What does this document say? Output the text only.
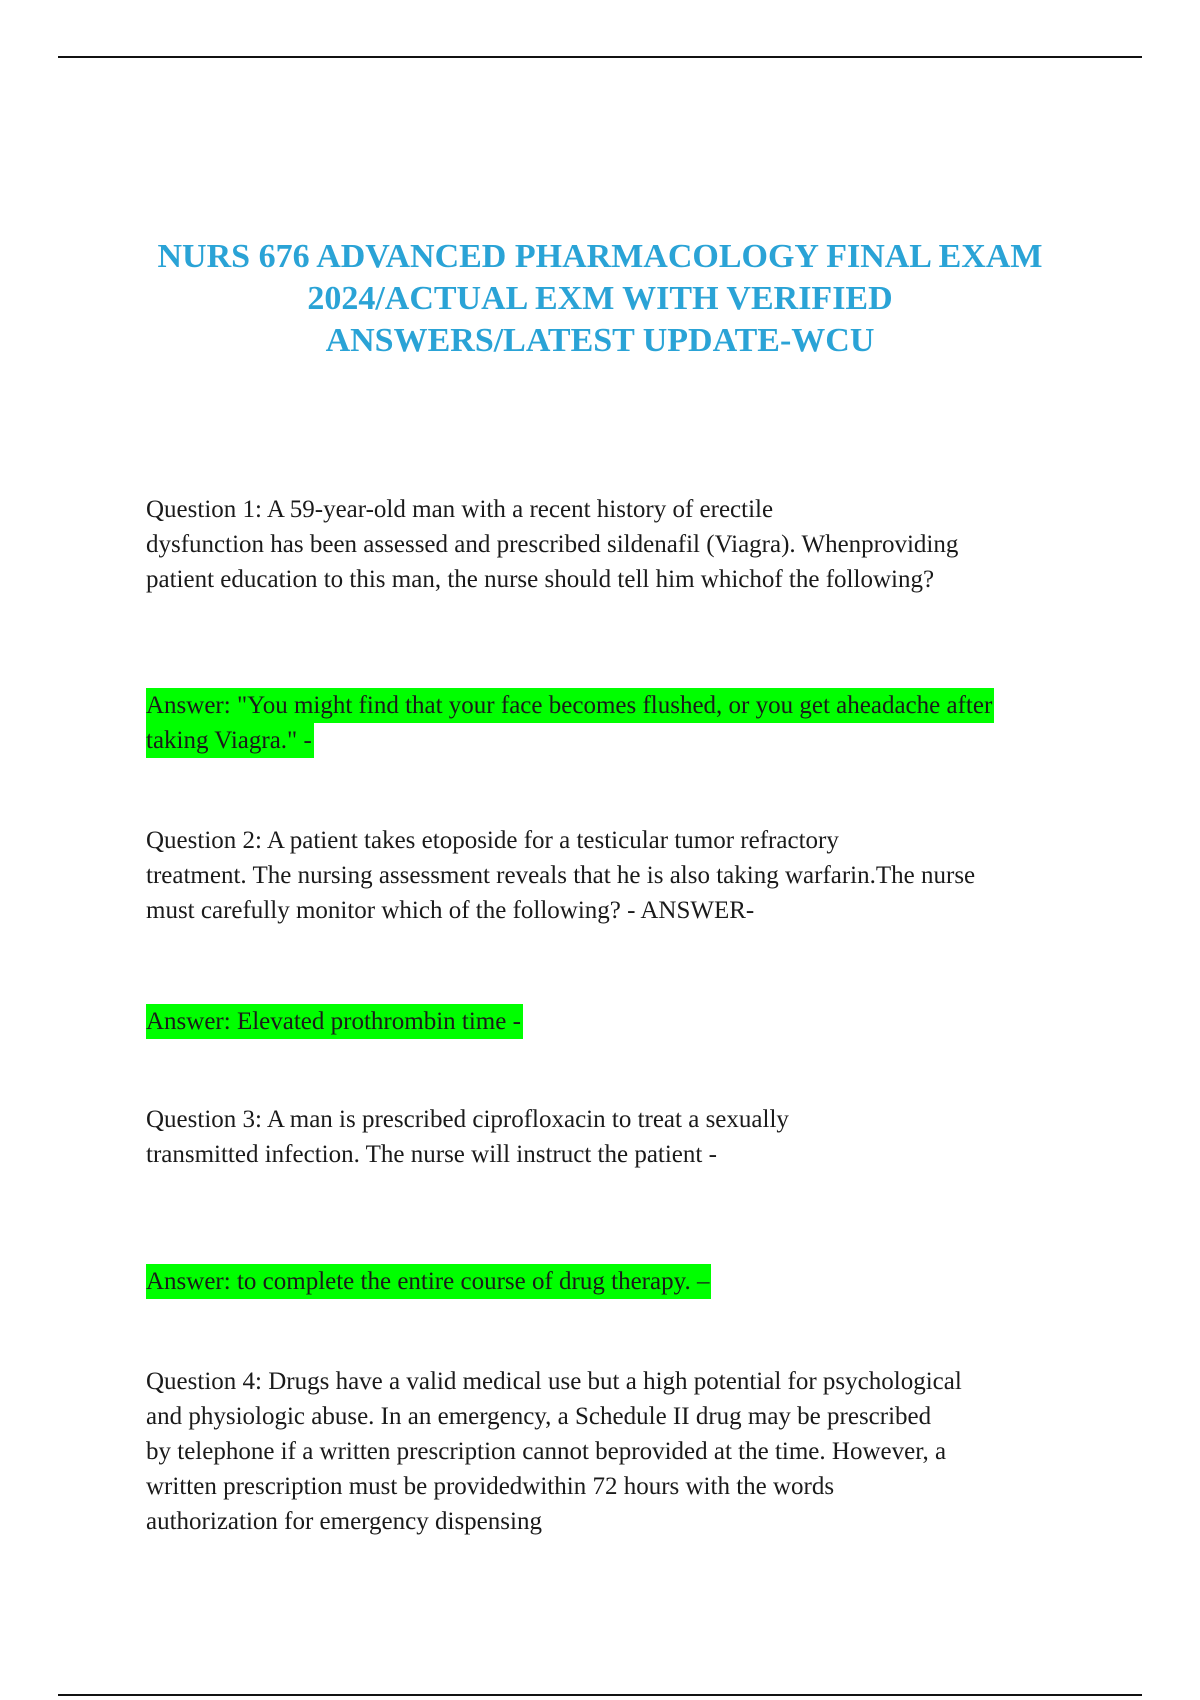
NURS 676 ADVANCED PHARMACOLOGY FINAL EXAM
2024/ACTUAL EXM WITH VERIFIED
ANSWERS/LATEST UPDATE-WCU
Question 1: A 59-year-old man with a recent history of erectile
dysfunction has been assessed and prescribed sildenafil (Viagra). Whenproviding
patient education to this man, the nurse should tell him whichof the following?
Answer: "You might find that your face becomes flushed, or you get aheadache after
taking Viagra." -
Question 2: A patient takes etoposide for a testicular tumor refractory
treatment. The nursing assessment reveals that he is also taking warfarin.The nurse
must carefully monitor which of the following? - ANSWER-
Answer: Elevated prothrombin time -
Question 3: A man is prescribed ciprofloxacin to treat a sexually
transmitted infection. The nurse will instruct the patient -
Answer: to complete the entire course of drug therapy. –
Question 4: Drugs have a valid medical use but a high potential for psychological
and physiologic abuse. In an emergency, a Schedule II drug may be prescribed
by telephone if a written prescription cannot beprovided at the time. However, a
written prescription must be providedwithin 72 hours with the words
authorization for emergency dispensing
